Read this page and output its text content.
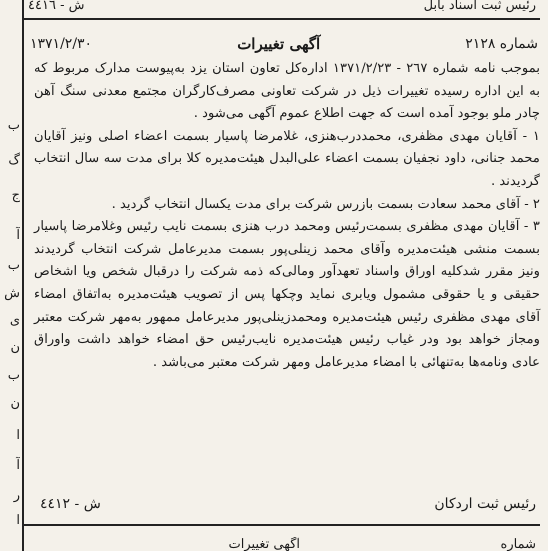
ش - ٤٤١٦	رئيس ثبت اسناد بابل
١٣٧١/٢/٣٠	آگهی تغییرات	شماره ٢١٢٨

بموجب نامه شماره ٢٦٧ - ١٣٧١/٢/٢٣ اداره‌کل تعاون استان یزد به‌پیوست مدارک مربوط که به این اداره رسیده تغییرات ذیل در شرکت تعاونی مصرف‌کارگران مجتمع معدنی سنگ آهن چادر ملو بوجود آمده است که جهت اطلاع عموم آگهی می‌شود .

۱ - آقایان مهدی مظفری، محمددرب‌هنزی، غلامرضا پاسیار بسمت اعضاء اصلی ونیز آقایان محمد جنانی، داود نجفیان بسمت اعضاء علی‌البدل هیئت‌مدیره کلا برای مدت سه سال انتخاب گردیدند .

۲ - آقای محمد سعادت بسمت بازرس شرکت برای مدت یکسال انتخاب گردید .

۳ - آقایان مهدی مظفری بسمت‌رئیس ومحمد درب هنزی بسمت نایب رئیس وغلامرضا پاسیار بسمت منشی هیئت‌مدیره وآقای محمد زینلی‌پور بسمت مدیرعامل شرکت انتخاب گردیدند ونیز مقرر شدکلیه اوراق واسناد تعهدآور ومالی‌که ذمه شرکت را درقبال شخص ویا اشخاص حقیقی و یا حقوقی مشمول ویابری نماید وچکها پس از تصویب هیئت‌مدیره به‌اتفاق امضاء آقای مهدی مظفری رئیس هیئت‌مدیره ومحمدزینلی‌پور مدیرعامل ممهور به‌مهر شرکت معتبر ومجاز خواهد بود ودر غیاب رئیس هیئت‌مدیره نایب‌رئیس حق امضاء خواهد داشت واوراق عادی ونامه‌ها به‌تنهائی با امضاء مدیرعامل ومهر شرکت معتبر می‌باشد .

ش - ٤٤١٢	رئیس ثبت اردکان
آگهی تغییرات	شماره
ب
گ
ج
آ
ب
ش
ی
ن
ب
ن
ا
آ
ر
ا
